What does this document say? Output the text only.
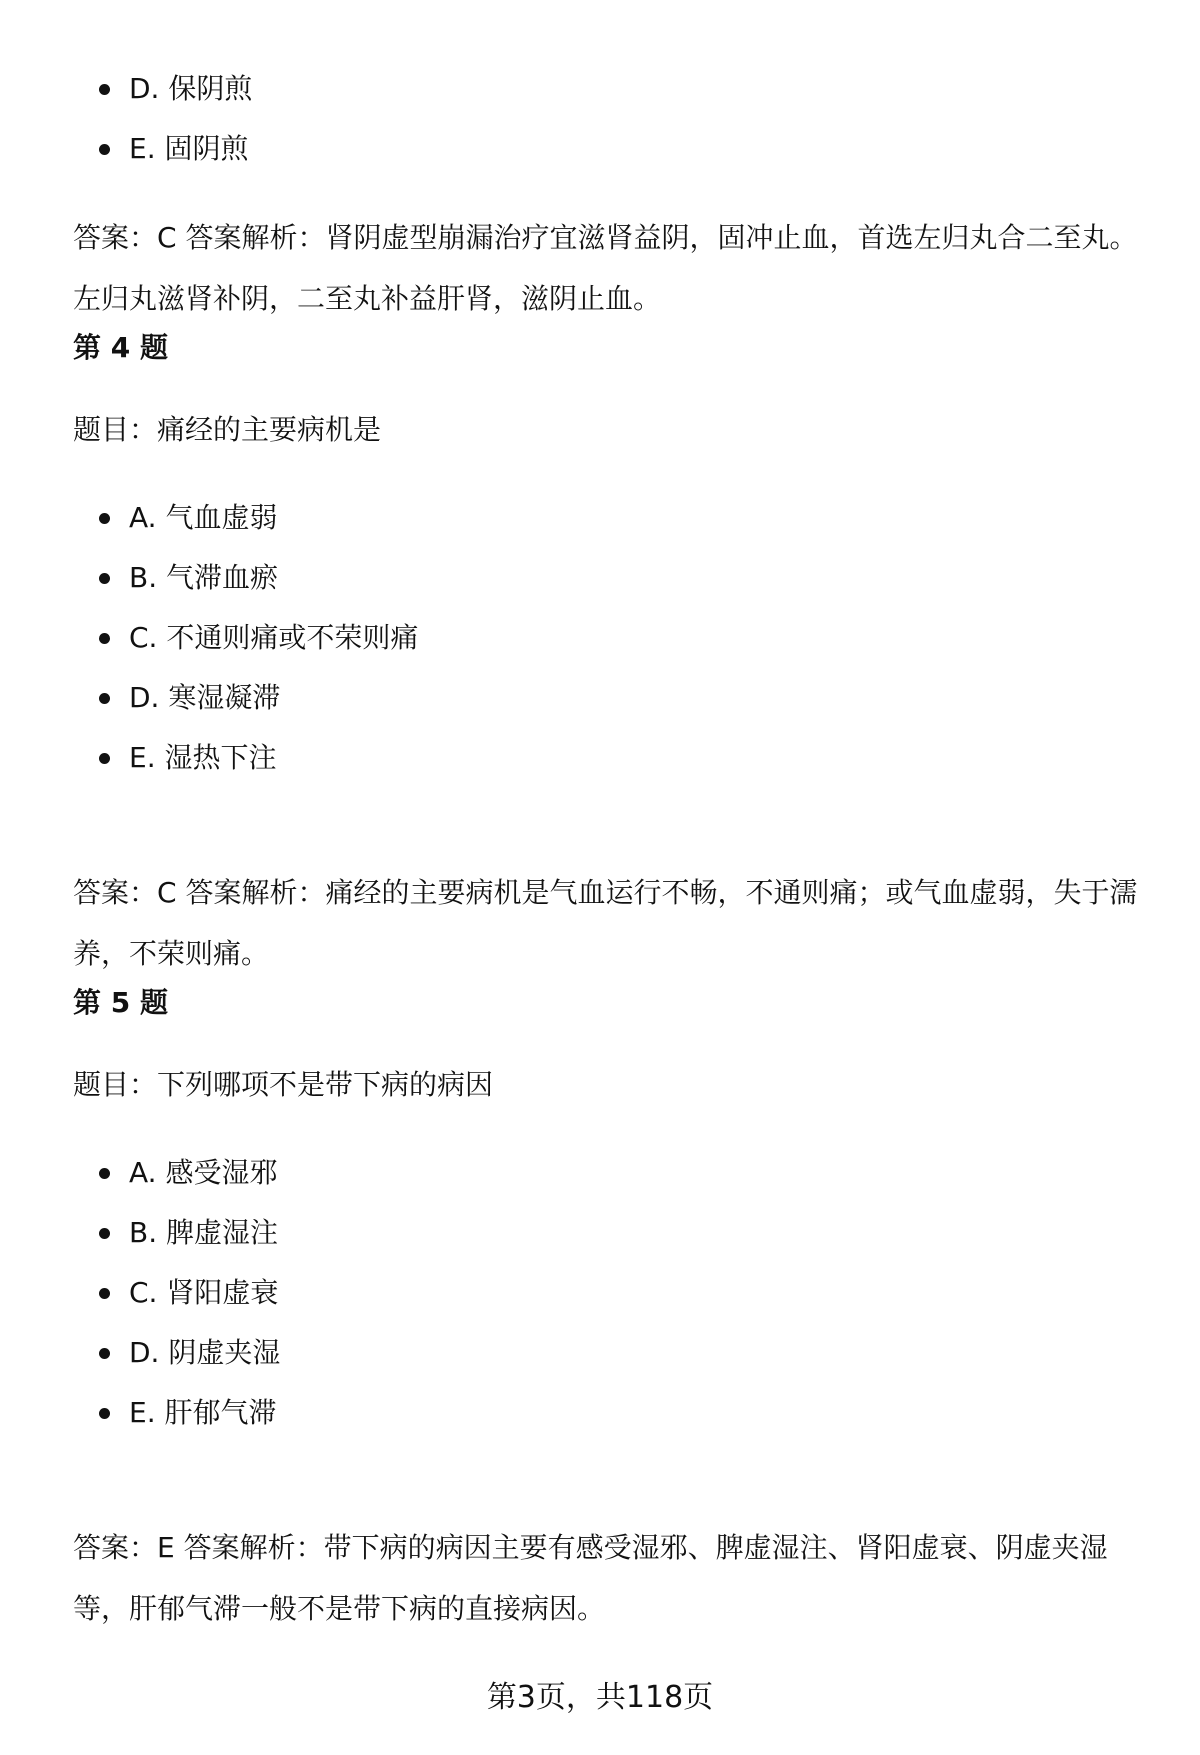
D. 保阴煎
E. 固阴煎

答案：C 答案解析：肾阴虚型崩漏治疗宜滋肾益阴，固冲止血，首选左归丸合二至丸。左归丸滋肾补阴，二至丸补益肝肾，滋阴止血。

第 4 题

题目：痛经的主要病机是

A. 气血虚弱
B. 气滞血瘀
C. 不通则痛或不荣则痛
D. 寒湿凝滞
E. 湿热下注

答案：C 答案解析：痛经的主要病机是气血运行不畅，不通则痛；或气血虚弱，失于濡养，不荣则痛。

第 5 题

题目：下列哪项不是带下病的病因

A. 感受湿邪
B. 脾虚湿注
C. 肾阳虚衰
D. 阴虚夹湿
E. 肝郁气滞

答案：E 答案解析：带下病的病因主要有感受湿邪、脾虚湿注、肾阳虚衰、阴虚夹湿等，肝郁气滞一般不是带下病的直接病因。

第3页，共118页
